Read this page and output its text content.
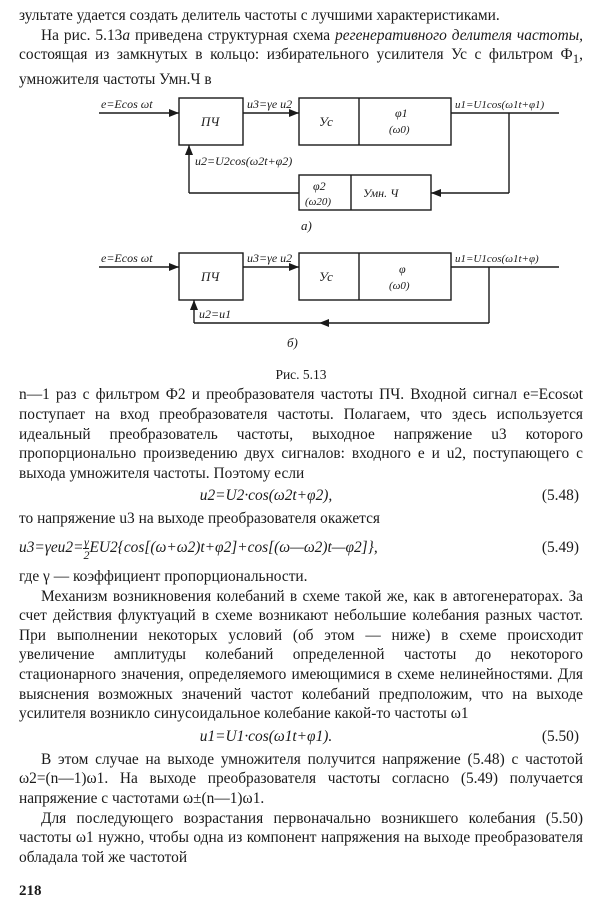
зультате удается создать делитель частоты с лучшими характеристиками.

На рис. 5.13а приведена структурная схема регенеративного делителя частоты, состоящая из замкнутых в кольцо: избирательного усилителя Ус с фильтром $Ф_1$, умножителя частоты Умн.Ч в

e=Ecos ωt
ПЧ
u3=γe u2
Ус
φ1
(ω0)
u1=U1cos(ω1t+φ1)
u2=U2cos(ω2t+φ2)
φ2
(ω20)
Умн. Ч
а)
e=Ecos ωt
ПЧ
u3=γe u2
Ус	φ
(ω0)
u1=U1cos(ω1t+φ)
u2=u1
б)
Рис. 5.13

n—1 раз с фильтром Ф2 и преобразователя частоты ПЧ. Входной сигнал e=Ecosωt поступает на вход преобразователя частоты. Полагаем, что здесь используется идеальный преобразователь частоты, выходное напряжение u3 которого пропорционально произведению двух сигналов: входного e и u2, поступающего с выхода умножителя частоты. Поэтому если

u2=U2·cos(ω2t+φ2),	(5.48)

то напряжение u3 на выходе преобразователя окажется

$u3=\gamma eu2= \frac{\gamma}{2}$ EU2{cos[(ω+ω2)t+φ2]+cos[(ω—ω2)t—φ2]},	(5.49)

где γ — коэффициент пропорциональности.

Механизм возникновения колебаний в схеме такой же, как в автогенераторах. За счет действия флуктуаций в схеме возникают небольшие колебания разных частот. При выполнении некоторых условий (об этом — ниже) в схеме происходит увеличение амплитуды колебаний определенной частоты до некоторого стационарного значения, определяемого имеющимися в схеме нелинейностями. Для выяснения возможных значений частот колебаний предположим, что на выходе усилителя возникло синусоидальное колебание какой-то частоты ω1

u1=U1·cos(ω1t+φ1).	(5.50)

В этом случае на выходе умножителя получится напряжение (5.48) с частотой ω2=(n—1)ω1. На выходе преобразователя частоты согласно (5.49) получается напряжение с частотами ω±(n—1)ω1.

Для последующего возрастания первоначально возникшего колебания (5.50) частоты ω1 нужно, чтобы одна из компонент напряжения на выходе преобразователя обладала той же частотой

218
